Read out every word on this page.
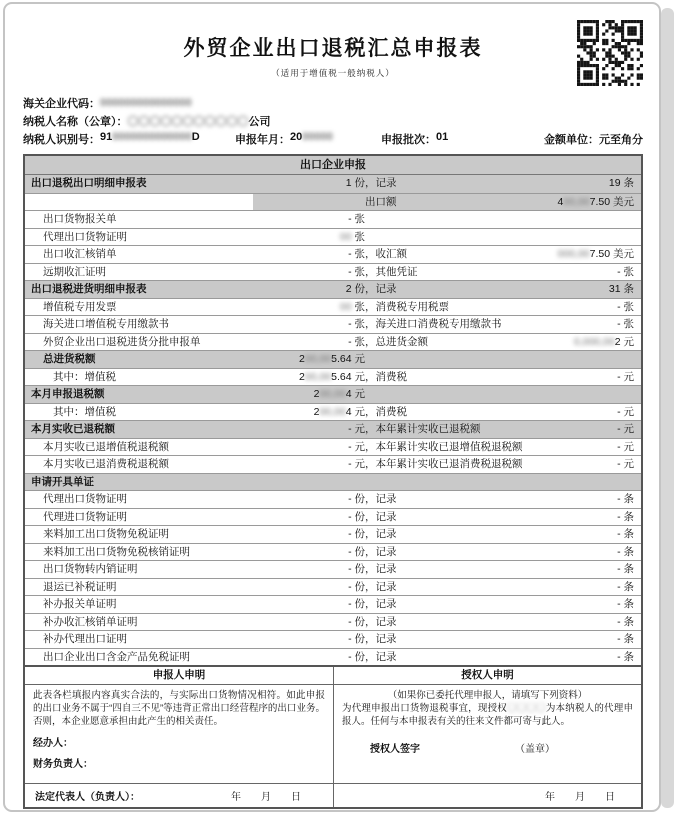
外贸企业出口退税汇总申报表
（适用于增值税一般纳税人）
海关企业代码： 000000000000000
纳税人名称（公章）： 〇〇〇〇〇〇〇〇〇〇〇公司
纳税人识别号： 910000000000000D	申报年月： 2000000	申报批次： 01	金额单位： 元至角分
出口企业申报
出口退税出口明细申报表	1 份 ，记录	19 条
出口额	400,007.50 美元
出口货物报关单	- 张
代理出口货物证明	00 张
出口收汇核销单	- 张 ，收汇额	000,007.50 美元
远期收汇证明	- 张 ，其他凭证	- 张
出口退税进货明细申报表	2 份 ，记录	31 条
增值税专用发票	00 张 ，消费税专用税票	- 张
海关进口增值税专用缴款书	- 张 ，海关进口消费税专用缴款书	- 张
外贸企业出口退税进货分批申报单	- 张 ，总进货金额	0,000,002 元
总进货税额	200,005.64 元
其中：增值税	200,005.64 元 ，消费税	- 元
本月申报退税额	200,004 元
其中：增值税	200,004 元 ，消费税	- 元
本月实收已退税额	- 元 ，本年累计实收已退税额	- 元
本月实收已退增值税退税额	- 元 ，本年累计实收已退增值税退税额	- 元
本月实收已退消费税退税额	- 元 ，本年累计实收已退消费税退税额	- 元
申请开具单证
代理出口货物证明	- 份 ，记录	- 条
代理进口货物证明	- 份 ，记录	- 条
来料加工出口货物免税证明	- 份 ，记录	- 条
来料加工出口货物免税核销证明	- 份 ，记录	- 条
出口货物转内销证明	- 份 ，记录	- 条
退运已补税证明	- 份 ，记录	- 条
补办报关单证明	- 份 ，记录	- 条
补办收汇核销单证明	- 份 ，记录	- 条
补办代理出口证明	- 份 ，记录	- 条
出口企业出口含金产品免税证明	- 份 ，记录	- 条
申报人申明	授权人申明

此表各栏填报内容真实合法的，与实际出口货物情况相符。如此申报的出口业务不属于“四自三不见”等违背正常出口经营程序的出口业务。否则，本企业愿意承担由此产生的相关责任。

经办人：
财务负责人：

（如果你已委托代理申报人，请填写下列资料）

为代理申报出口货物退税事宜，现授权〇〇〇〇为本纳税人的代理申报人。任何与本申报表有关的往来文件都可寄与此人。

授权人签字	（盖章）
法定代表人（负责人）：	年　　月　　日	年　　月　　日
